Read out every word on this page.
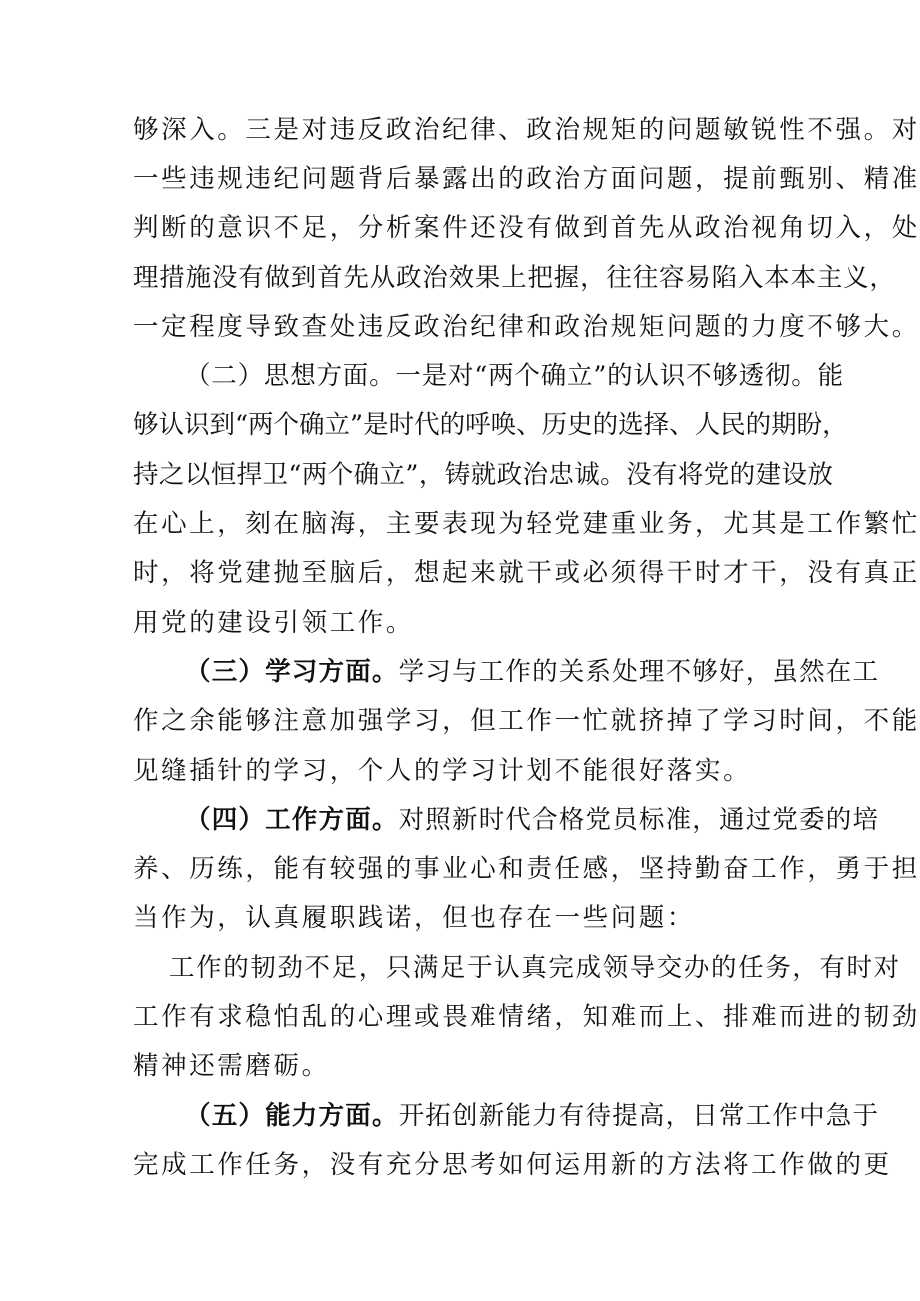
够深入。三是对违反政治纪律、政治规矩的问题敏锐性不强。对
一些违规违纪问题背后暴露出的政治方面问题，提前甄别、精准
判断的意识不足，分析案件还没有做到首先从政治视角切入，处
理措施没有做到首先从政治效果上把握，往往容易陷入本本主义，
一定程度导致查处违反政治纪律和政治规矩问题的力度不够大。
（二）思想方面。一是对“两个确立”的认识不够透彻。能
够认识到“两个确立”是时代的呼唤、历史的选择、人民的期盼，
持之以恒捍卫“两个确立”，铸就政治忠诚。没有将党的建设放
在心上，刻在脑海，主要表现为轻党建重业务，尤其是工作繁忙
时，将党建抛至脑后，想起来就干或必须得干时才干，没有真正
用党的建设引领工作。
（三）学习方面。学习与工作的关系处理不够好，虽然在工
作之余能够注意加强学习，但工作一忙就挤掉了学习时间，不能
见缝插针的学习，个人的学习计划不能很好落实。
（四）工作方面。对照新时代合格党员标准，通过党委的培
养、历练，能有较强的事业心和责任感，坚持勤奋工作，勇于担
当作为，认真履职践诺，但也存在一些问题：
工作的韧劲不足，只满足于认真完成领导交办的任务，有时对
工作有求稳怕乱的心理或畏难情绪，知难而上、排难而进的韧劲
精神还需磨砺。
（五）能力方面。开拓创新能力有待提高，日常工作中急于
完成工作任务，没有充分思考如何运用新的方法将工作做的更
